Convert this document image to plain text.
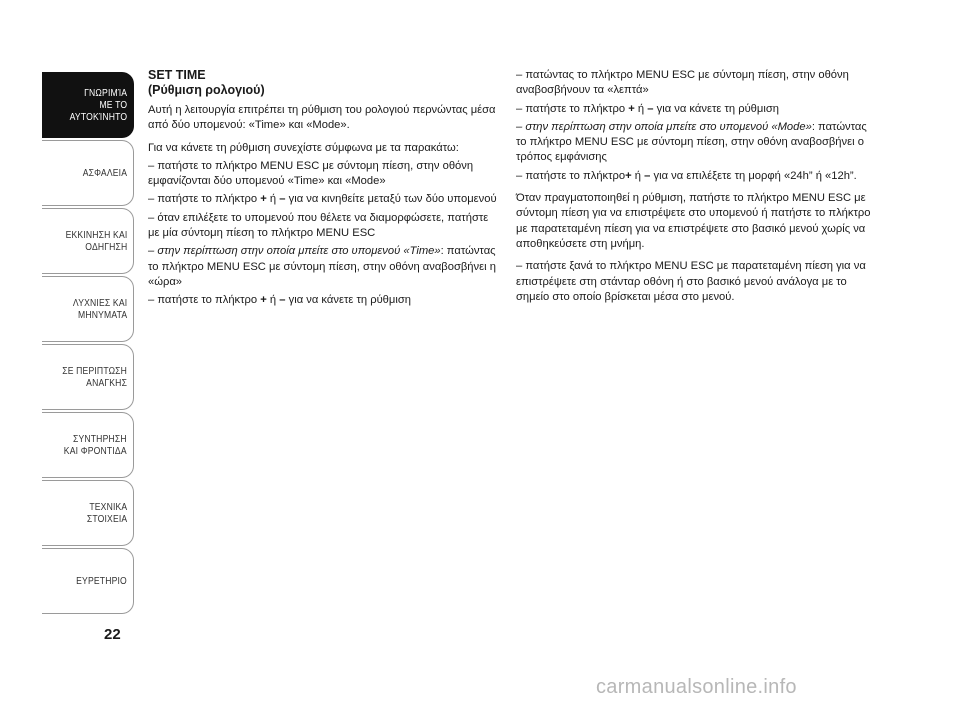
ΓΝΩΡΙΜΊΑ
ΜΕ ΤΟ
ΑΥΤΟΚΊΝΗΤΟ
ΑΣΦΑΛΕΙΑ
ΕΚΚΙΝΗΣΗ ΚΑΙ
ΟΔΗΓΗΣΗ
ΛΥΧΝΙΕΣ ΚΑΙ
ΜΗΝΥΜΑΤΑ
ΣΕ ΠΕΡΙΠΤΩΣΗ
ΑΝΑΓΚΗΣ
ΣΥΝΤΗΡΗΣΗ
ΚΑΙ ΦΡΟΝΤΙΔΑ
ΤΕΧΝΙΚΑ
ΣΤΟΙΧΕΙΑ
ΕΥΡΕΤΗΡΙΟ
22
SET TIME
(Ρύθμιση ρολογιού)

Αυτή η λειτουργία επιτρέπει τη ρύθμιση του ρολογιού περνώντας μέσα από δύο υπομενού: «Time» και «Mode».

Για να κάνετε τη ρύθμιση συνεχίστε σύμφωνα με τα παρακάτω:

– πατήστε το πλήκτρο MENU ESC με σύντομη πίεση, στην οθόνη εμφανίζονται δύο υπομενού «Time» και «Mode»

– πατήστε το πλήκτρο + ή – για να κινηθείτε μεταξύ των δύο υπομενού

– όταν επιλέξετε το υπομενού που θέλετε να διαμορφώσετε, πατήστε με μία σύντομη πίεση το πλήκτρο MENU ESC

– στην περίπτωση στην οποία μπείτε στο υπομενού «Time»: πατώντας το πλήκτρο MENU ESC με σύντομη πίεση, στην οθόνη αναβοσβήνει η «ώρα»

– πατήστε το πλήκτρο + ή – για να κάνετε τη ρύθμιση

– πατώντας το πλήκτρο MENU ESC με σύντομη πίεση, στην οθόνη αναβοσβήνουν τα «λεπτά»

– πατήστε το πλήκτρο + ή – για να κάνετε τη ρύθμιση

– στην περίπτωση στην οποία μπείτε στο υπομενού «Mode»: πατώντας το πλήκτρο MENU ESC με σύντομη πίεση, στην οθόνη αναβοσβήνει ο τρόπος εμφάνισης

– πατήστε το πλήκτρο+ ή – για να επιλέξετε τη μορφή «24h” ή «12h”.

Όταν πραγματοποιηθεί η ρύθμιση, πατήστε το πλήκτρο MENU ESC με σύντομη πίεση για να επιστρέψετε στο υπομενού ή πατήστε το πλήκτρο με παρατεταμένη πίεση για να επιστρέψετε στο βασικό μενού χωρίς να αποθηκεύσετε στη μνήμη.

– πατήστε ξανά το πλήκτρο MENU ESC με παρατεταμένη πίεση για να επιστρέψετε στη στάνταρ οθόνη ή στο βασικό μενού ανάλογα με το σημείο στο οποίο βρίσκεται μέσα στο μενού.

carmanualsonline.info
